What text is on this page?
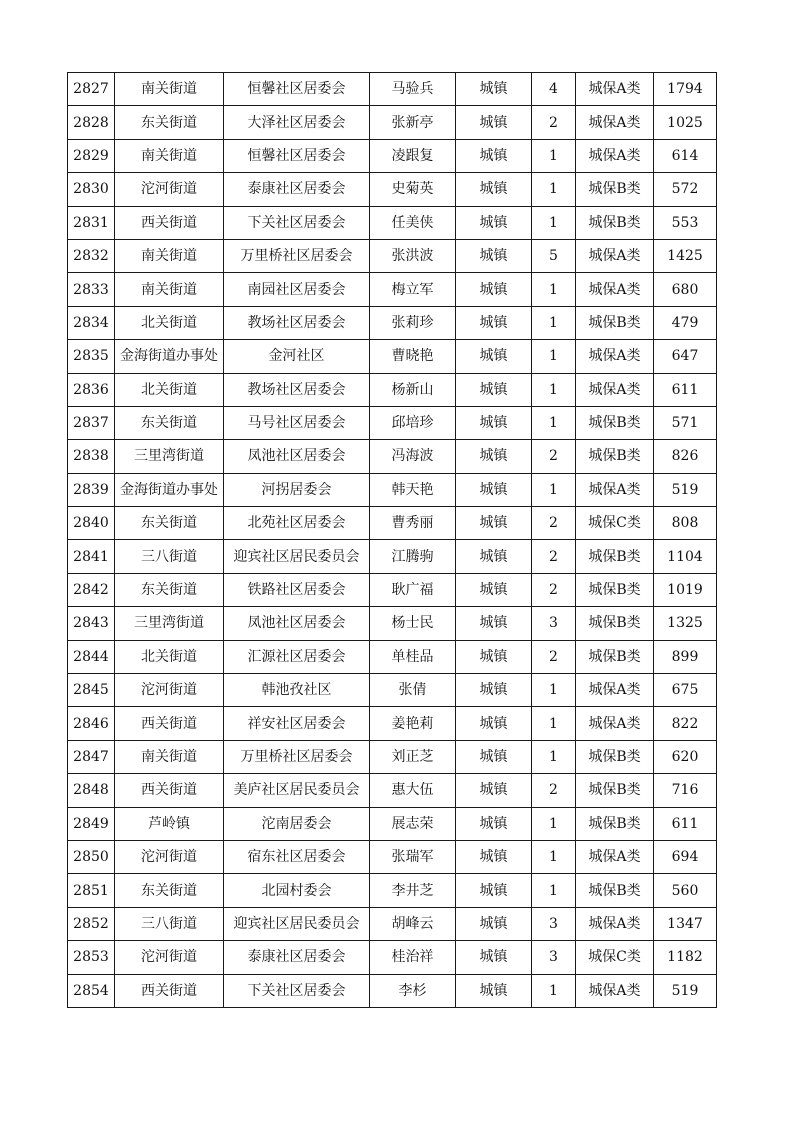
2827	南关街道	恒馨社区居委会	马验兵	城镇	4	城保A类	1794
2828	东关街道	大泽社区居委会	张新亭	城镇	2	城保A类	1025
2829	南关街道	恒馨社区居委会	凌跟复	城镇	1	城保A类	614
2830	沱河街道	泰康社区居委会	史菊英	城镇	1	城保B类	572
2831	西关街道	下关社区居委会	任美侠	城镇	1	城保B类	553
2832	南关街道	万里桥社区居委会	张洪波	城镇	5	城保A类	1425
2833	南关街道	南园社区居委会	梅立军	城镇	1	城保A类	680
2834	北关街道	教场社区居委会	张莉珍	城镇	1	城保B类	479
2835	金海街道办事处	金河社区	曹晓艳	城镇	1	城保A类	647
2836	北关街道	教场社区居委会	杨新山	城镇	1	城保A类	611
2837	东关街道	马号社区居委会	邱培珍	城镇	1	城保B类	571
2838	三里湾街道	凤池社区居委会	冯海波	城镇	2	城保B类	826
2839	金海街道办事处	河拐居委会	韩天艳	城镇	1	城保A类	519
2840	东关街道	北苑社区居委会	曹秀丽	城镇	2	城保C类	808
2841	三八街道	迎宾社区居民委员会	江腾驹	城镇	2	城保B类	1104
2842	东关街道	铁路社区居委会	耿广福	城镇	2	城保B类	1019
2843	三里湾街道	凤池社区居委会	杨士民	城镇	3	城保B类	1325
2844	北关街道	汇源社区居委会	单桂品	城镇	2	城保B类	899
2845	沱河街道	韩池孜社区	张倩	城镇	1	城保A类	675
2846	西关街道	祥安社区居委会	姜艳莉	城镇	1	城保A类	822
2847	南关街道	万里桥社区居委会	刘正芝	城镇	1	城保B类	620
2848	西关街道	美庐社区居民委员会	惠大伍	城镇	2	城保B类	716
2849	芦岭镇	沱南居委会	展志荣	城镇	1	城保B类	611
2850	沱河街道	宿东社区居委会	张瑞军	城镇	1	城保A类	694
2851	东关街道	北园村委会	李井芝	城镇	1	城保B类	560
2852	三八街道	迎宾社区居民委员会	胡峰云	城镇	3	城保A类	1347
2853	沱河街道	泰康社区居委会	桂治祥	城镇	3	城保C类	1182
2854	西关街道	下关社区居委会	李杉	城镇	1	城保A类	519
